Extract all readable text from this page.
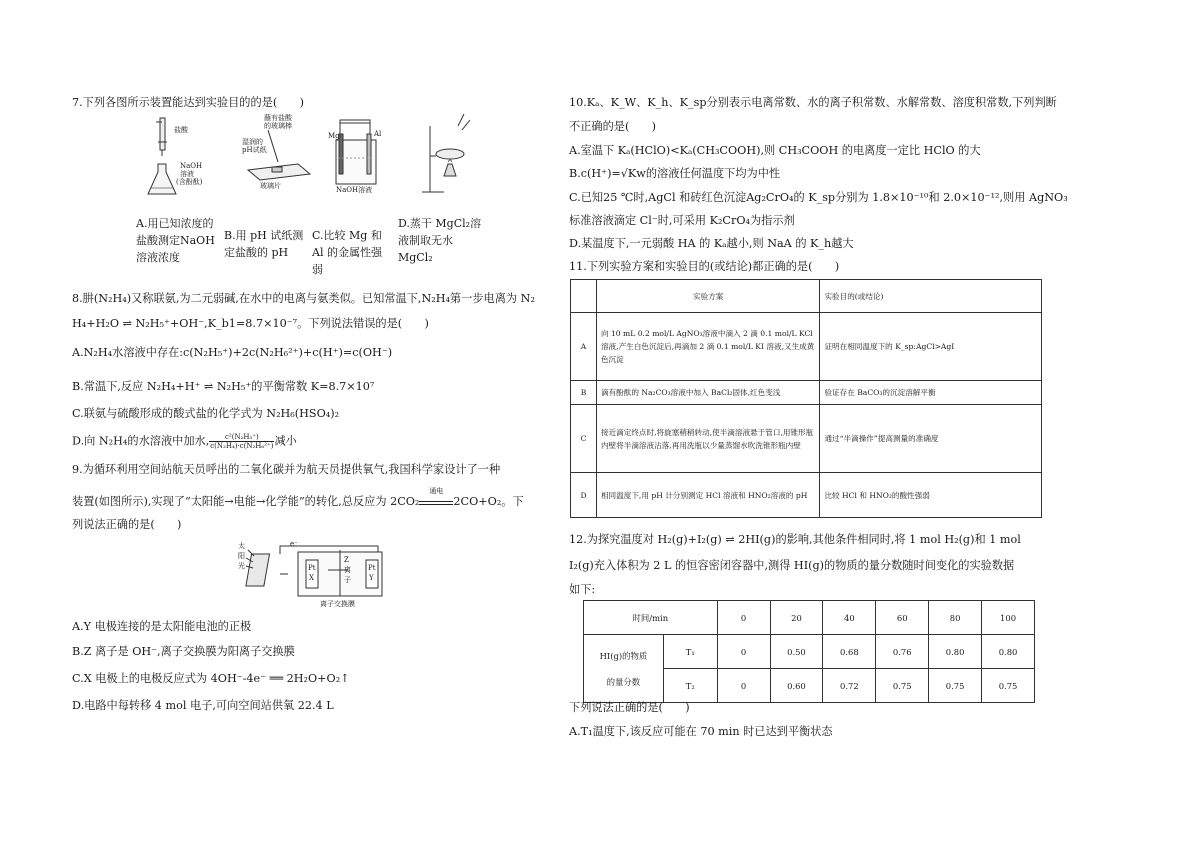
7.下列各图所示装置能达到实验目的的是(　　)
盐酸
NaOH
溶液
(含酚酞)
蘸有盐酸
的玻璃棒
湿润的
pH试纸
玻璃片
Mg	Al
NaOH溶液
A.用已知浓度的盐酸测定NaOH溶液浓度
B.用 pH 试纸测定盐酸的 pH
C.比较 Mg 和 Al 的金属性强弱
D.蒸干 MgCl₂溶液制取无水 MgCl₂
8.肼(N₂H₄)又称联氨,为二元弱碱,在水中的电离与氨类似。已知常温下,N₂H₄第一步电离为 N₂
H₄+H₂O ⇌ N₂H₅⁺+OH⁻,K_b1=8.7×10⁻⁷。下列说法错误的是(　　)
A.N₂H₄水溶液中存在:c(N₂H₅⁺)+2c(N₂H₆²⁺)+c(H⁺)=c(OH⁻)
B.常温下,反应 N₂H₄+H⁺ ⇌ N₂H₅⁺的平衡常数 K=8.7×10⁷
C.联氨与硫酸形成的酸式盐的化学式为 N₂H₆(HSO₄)₂
D.向 N₂H₄的水溶液中加水, $\frac{\text{c²(N₂H₅⁺)}}{\text{c(N₂H₄)·c(N₂H₆²⁺)}}$ 减小
9.为循环利用空间站航天员呼出的二氧化碳并为航天员提供氧气,我国科学家设计了一种
装置(如图所示),实现了“太阳能→电能→化学能”的转化,总反应为 2CO₂
通电
2CO+O₂。下
列说法正确的是(　　)
太
阳
光
e⁻
Pt
X
Z
离
子
Pt
Y
离子交换膜
A.Y 电极连接的是太阳能电池的正极
B.Z 离子是 OH⁻,离子交换膜为阳离子交换膜
C.X 电极上的电极反应式为 4OH⁻-4e⁻ ══ 2H₂O+O₂↑
D.电路中每转移 4 mol 电子,可向空间站供氧 22.4 L
10.Kₐ、K_W、K_h、K_sp分别表示电离常数、水的离子积常数、水解常数、溶度积常数,下列判断
不正确的是(　　)
A.室温下 Kₐ(HClO)<Kₐ(CH₃COOH),则 CH₃COOH 的电离度一定比 HClO 的大
B.c(H⁺)=√Kw的溶液任何温度下均为中性
C.已知25 ℃时,AgCl 和砖红色沉淀Ag₂CrO₄的 K_sp分别为 1.8×10⁻¹⁰和 2.0×10⁻¹²,则用 AgNO₃
标准溶液滴定 Cl⁻时,可采用 K₂CrO₄为指示剂
D.某温度下,一元弱酸 HA 的 Kₐ越小,则 NaA 的 K_h越大
11.下列实验方案和实验目的(或结论)都正确的是(　　)
	实验方案	实验目的(或结论)
A	向 10 mL 0.2 mol/L AgNO₃溶液中滴入 2 滴 0.1 mol/L KCl 溶液,产生白色沉淀后,再滴加 2 滴 0.1 mol/L KI 溶液,又生成黄色沉淀	证明在相同温度下的 K_sp:AgCl>AgI
B	滴有酚酞的 Na₂CO₃溶液中加入 BaCl₂固体,红色变浅	验证存在 BaCO₃的沉淀溶解平衡
C	接近滴定终点时,将旋塞稍稍转动,使半滴溶液悬于管口,用锥形瓶内壁将半滴溶液沾落,再用洗瓶以少量蒸馏水吹洗锥形瓶内壁	通过“半滴操作”提高测量的准确度
D	相同温度下,用 pH 计分别测定 HCl 溶液和 HNO₂溶液的 pH	比较 HCl 和 HNO₂的酸性强弱
12.为探究温度对 H₂(g)+I₂(g) ⇌ 2HI(g)的影响,其他条件相同时,将 1 mol H₂(g)和 1 mol
I₂(g)充入体积为 2 L 的恒容密闭容器中,测得 HI(g)的物质的量分数随时间变化的实验数据
如下:
时间/min		0	20	40	60	80	100

HI(g)的物质
的量分数	T₁	0	0.50	0.68	0.76	0.80	0.80
	T₂	0	0.60	0.72	0.75	0.75	0.75
下列说法正确的是(　　)
A.T₁温度下,该反应可能在 70 min 时已达到平衡状态
